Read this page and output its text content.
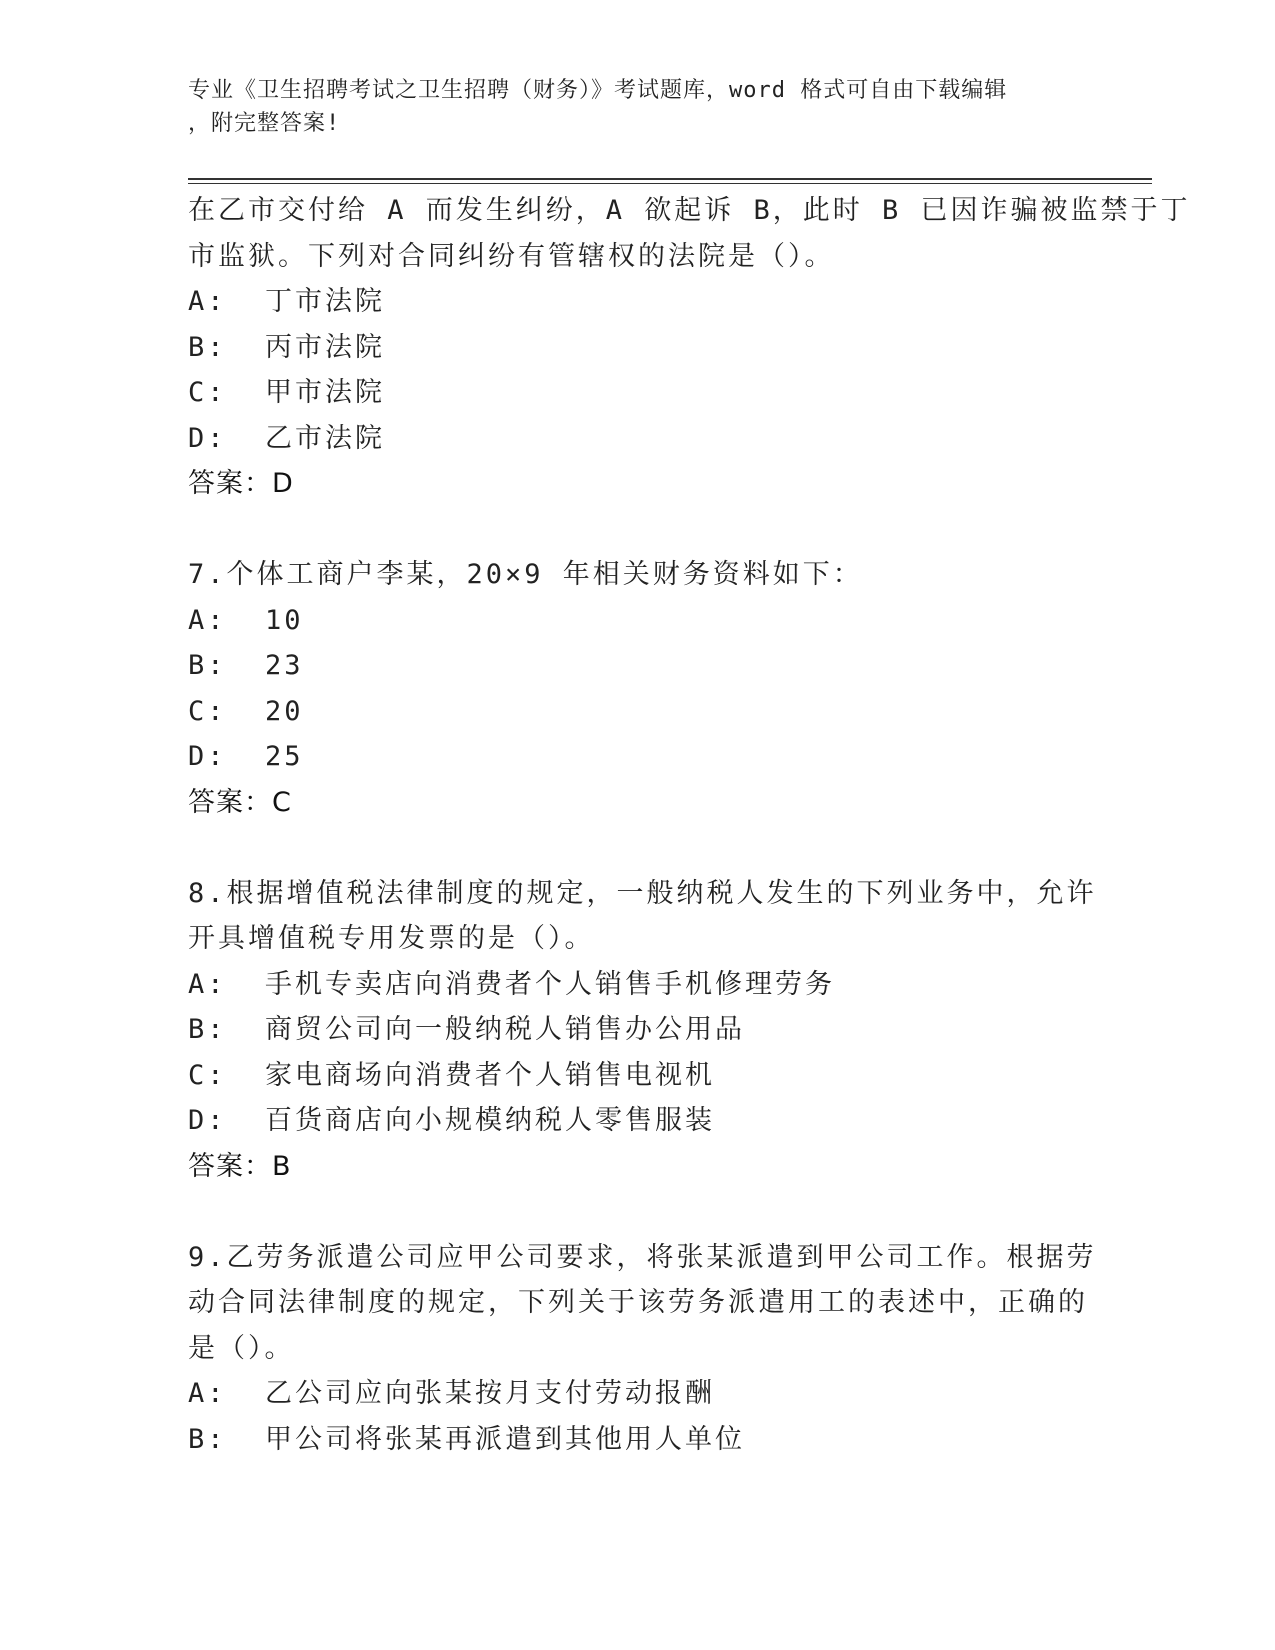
专业《卫生招聘考试之卫生招聘（财务）》考试题库，word 格式可自由下载编辑
，附完整答案!
在乙市交付给 A 而发生纠纷，A 欲起诉 B，此时 B 已因诈骗被监禁于丁
市监狱。下列对合同纠纷有管辖权的法院是（）。
A:  丁市法院
B:  丙市法院
C:  甲市法院
D:  乙市法院
答案：D
7.个体工商户李某，20×9 年相关财务资料如下：
A:  10
B:  23
C:  20
D:  25
答案：C
8.根据增值税法律制度的规定，一般纳税人发生的下列业务中，允许
开具增值税专用发票的是（）。
A:  手机专卖店向消费者个人销售手机修理劳务
B:  商贸公司向一般纳税人销售办公用品
C:  家电商场向消费者个人销售电视机
D:  百货商店向小规模纳税人零售服装
答案：B
9.乙劳务派遣公司应甲公司要求，将张某派遣到甲公司工作。根据劳
动合同法律制度的规定，下列关于该劳务派遣用工的表述中，正确的
是（）。
A:  乙公司应向张某按月支付劳动报酬
B:  甲公司将张某再派遣到其他用人单位
